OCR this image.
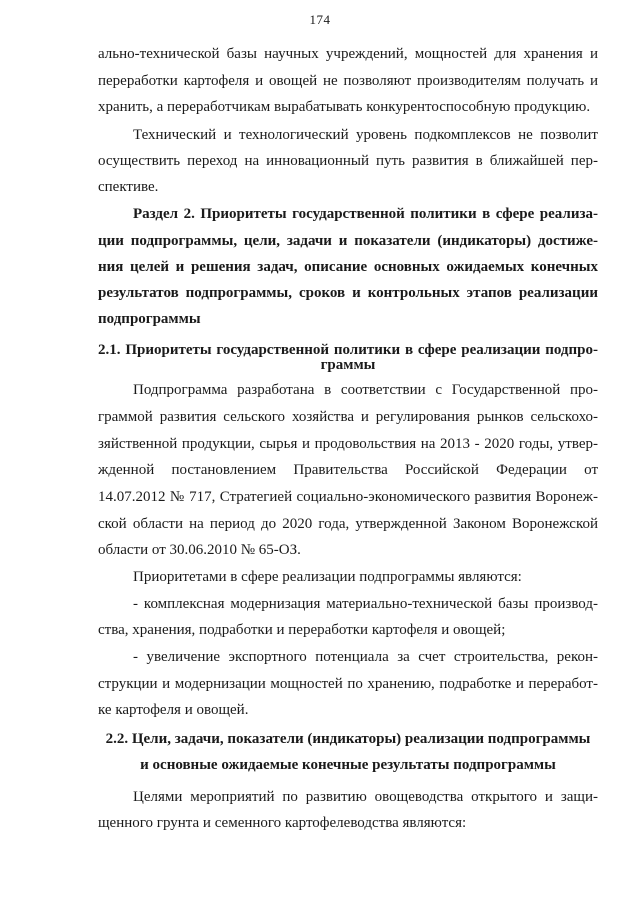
174
ально-технической базы научных учреждений, мощностей для хранения и
переработки картофеля и овощей не позволяют производителям получать и
хранить, а переработчикам вырабатывать конкурентоспособную продукцию.
Технический и технологический уровень подкомплексов не позволит
осуществить переход на инновационный путь развития в ближайшей пер-
спективе.
Раздел 2. Приоритеты государственной политики в сфере реализа-
ции подпрограммы, цели, задачи и показатели (индикаторы) достиже-
ния целей и решения задач, описание основных ожидаемых конечных
результатов подпрограммы, сроков и контрольных этапов реализации
подпрограммы
2.1. Приоритеты государственной политики в сфере реализации подпро-
граммы
Подпрограмма разработана в соответствии с Государственной про-
граммой развития сельского хозяйства и регулирования рынков сельскохо-
зяйственной продукции, сырья и продовольствия на 2013 - 2020 годы, утвер-
жденной постановлением Правительства Российской Федерации от
14.07.2012 № 717, Стратегией социально-экономического развития Воронеж-
ской области на период до 2020 года, утвержденной Законом Воронежской
области от 30.06.2010 № 65-ОЗ.
Приоритетами в сфере реализации подпрограммы являются:
- комплексная модернизация материально-технической базы производ-
ства, хранения, подработки и переработки картофеля и овощей;
- увеличение экспортного потенциала за счет строительства, рекон-
струкции и модернизации мощностей по хранению, подработке и переработ-
ке картофеля и овощей.
2.2. Цели, задачи, показатели (индикаторы) реализации подпрограммы
и основные ожидаемые конечные результаты подпрограммы
Целями мероприятий по развитию овощеводства открытого и защи-
щенного грунта и семенного картофелеводства являются:
